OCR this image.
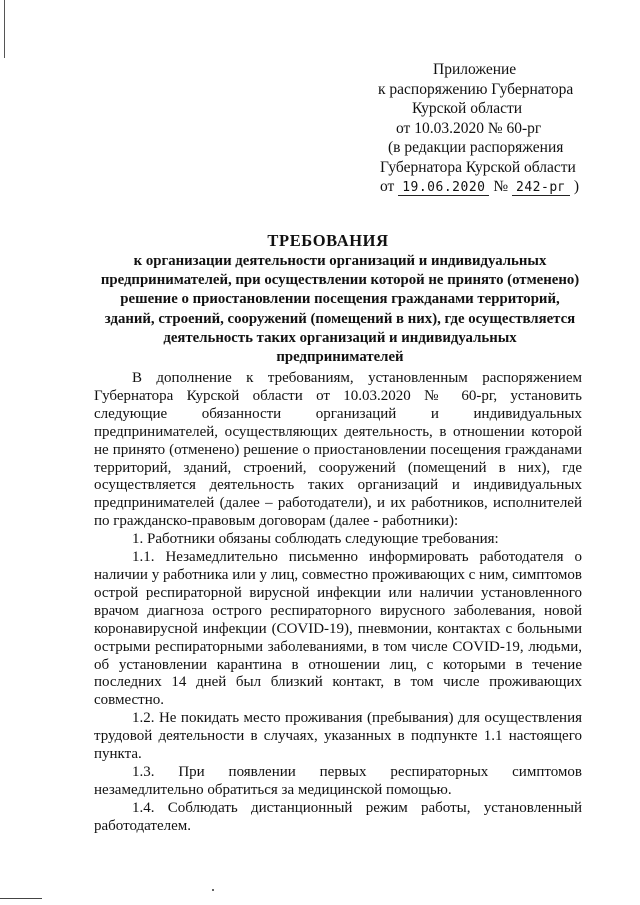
Приложение
к распоряжению Губернатора
Курской области
от 10.03.2020 № 60-рг
(в редакции распоряжения
Губернатора Курской области
от 19.06.2020 № 242-рг )
ТРЕБОВАНИЯ
к организации деятельности организаций и индивидуальных предпринимателей, при осуществлении которой не принято (отменено) решение о приостановлении посещения гражданами территорий, зданий, строений, сооружений (помещений в них), где осуществляется деятельность таких организаций и индивидуальных предпринимателей

В дополнение к требованиям, установленным распоряжением Губернатора Курской области от 10.03.2020 № 60-рг, установить следующие обязанности организаций и индивидуальных предпринимателей, осуществляющих деятельность, в отношении которой не принято (отменено) решение о приостановлении посещения гражданами территорий, зданий, строений, сооружений (помещений в них), где осуществляется деятельность таких организаций и индивидуальных предпринимателей (далее – работодатели), и их работников, исполнителей по гражданско-правовым договорам (далее - работники):

1. Работники обязаны соблюдать следующие требования:

1.1. Незамедлительно письменно информировать работодателя о наличии у работника или у лиц, совместно проживающих с ним, симптомов острой респираторной вирусной инфекции или наличии установленного врачом диагноза острого респираторного вирусного заболевания, новой коронавирусной инфекции (COVID-19), пневмонии, контактах с больными острыми респираторными заболеваниями, в том числе COVID-19, людьми, об установлении карантина в отношении лиц, с которыми в течение последних 14 дней был близкий контакт, в том числе проживающих совместно.

1.2. Не покидать место проживания (пребывания) для осуществления трудовой деятельности в случаях, указанных в подпункте 1.1 настоящего пункта.

1.3. При появлении первых респираторных симптомов незамедлительно обратиться за медицинской помощью.

1.4. Соблюдать дистанционный режим работы, установленный работодателем.
